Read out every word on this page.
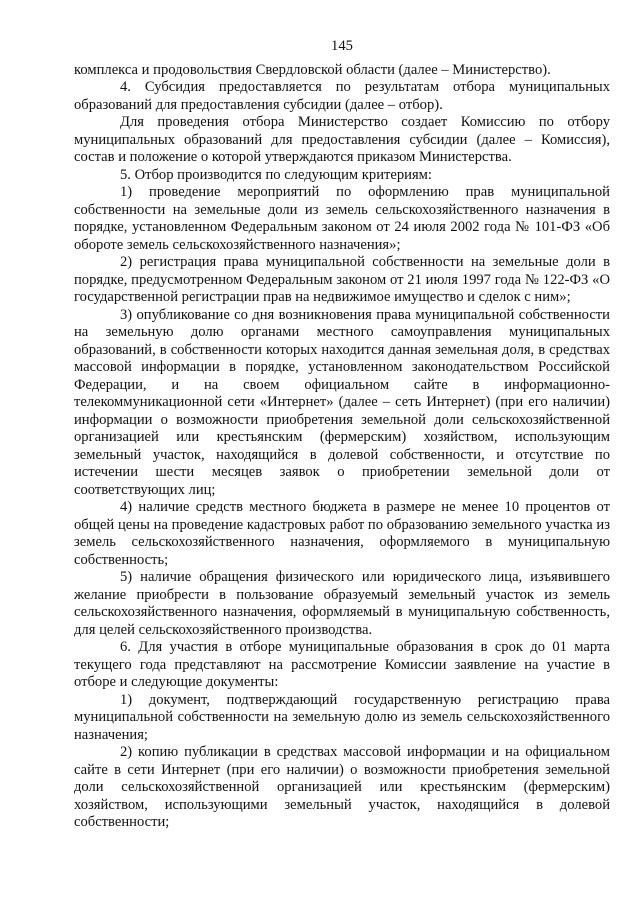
145

комплекса и продовольствия Свердловской области (далее – Министерство).

4. Субсидия предоставляется по результатам отбора муниципальных образований для предоставления субсидии (далее – отбор).

Для проведения отбора Министерство создает Комиссию по отбору муниципальных образований для предоставления субсидии (далее – Комиссия), состав и положение о которой утверждаются приказом Министерства.

5. Отбор производится по следующим критериям:

1) проведение мероприятий по оформлению прав муниципальной собственности на земельные доли из земель сельскохозяйственного назначения в порядке, установленном Федеральным законом от 24 июля 2002 года № 101-ФЗ «Об обороте земель сельскохозяйственного назначения»;

2) регистрация права муниципальной собственности на земельные доли в порядке, предусмотренном Федеральным законом от 21 июля 1997 года № 122-ФЗ «О государственной регистрации прав на недвижимое имущество и сделок с ним»;

3) опубликование со дня возникновения права муниципальной собственности на земельную долю органами местного самоуправления муниципальных образований, в собственности которых находится данная земельная доля, в средствах массовой информации в порядке, установленном законодательством Российской Федерации, и на своем официальном сайте в информационно-телекоммуникационной сети «Интернет» (далее – сеть Интернет) (при его наличии) информации о возможности приобретения земельной доли сельскохозяйственной организацией или крестьянским (фермерским) хозяйством, использующим земельный участок, находящийся в долевой собственности, и отсутствие по истечении шести месяцев заявок о приобретении земельной доли от соответствующих лиц;

4) наличие средств местного бюджета в размере не менее 10 процентов от общей цены на проведение кадастровых работ по образованию земельного участка из земель сельскохозяйственного назначения, оформляемого в муниципальную собственность;

5) наличие обращения физического или юридического лица, изъявившего желание приобрести в пользование образуемый земельный участок из земель сельскохозяйственного назначения, оформляемый в муниципальную собственность, для целей сельскохозяйственного производства.

6. Для участия в отборе муниципальные образования в срок до 01 марта текущего года представляют на рассмотрение Комиссии заявление на участие в отборе и следующие документы:

1) документ, подтверждающий государственную регистрацию права муниципальной собственности на земельную долю из земель сельскохозяйственного назначения;

2) копию публикации в средствах массовой информации и на официальном сайте в сети Интернет (при его наличии) о возможности приобретения земельной доли сельскохозяйственной организацией или крестьянским (фермерским) хозяйством, использующими земельный участок, находящийся в долевой собственности;
